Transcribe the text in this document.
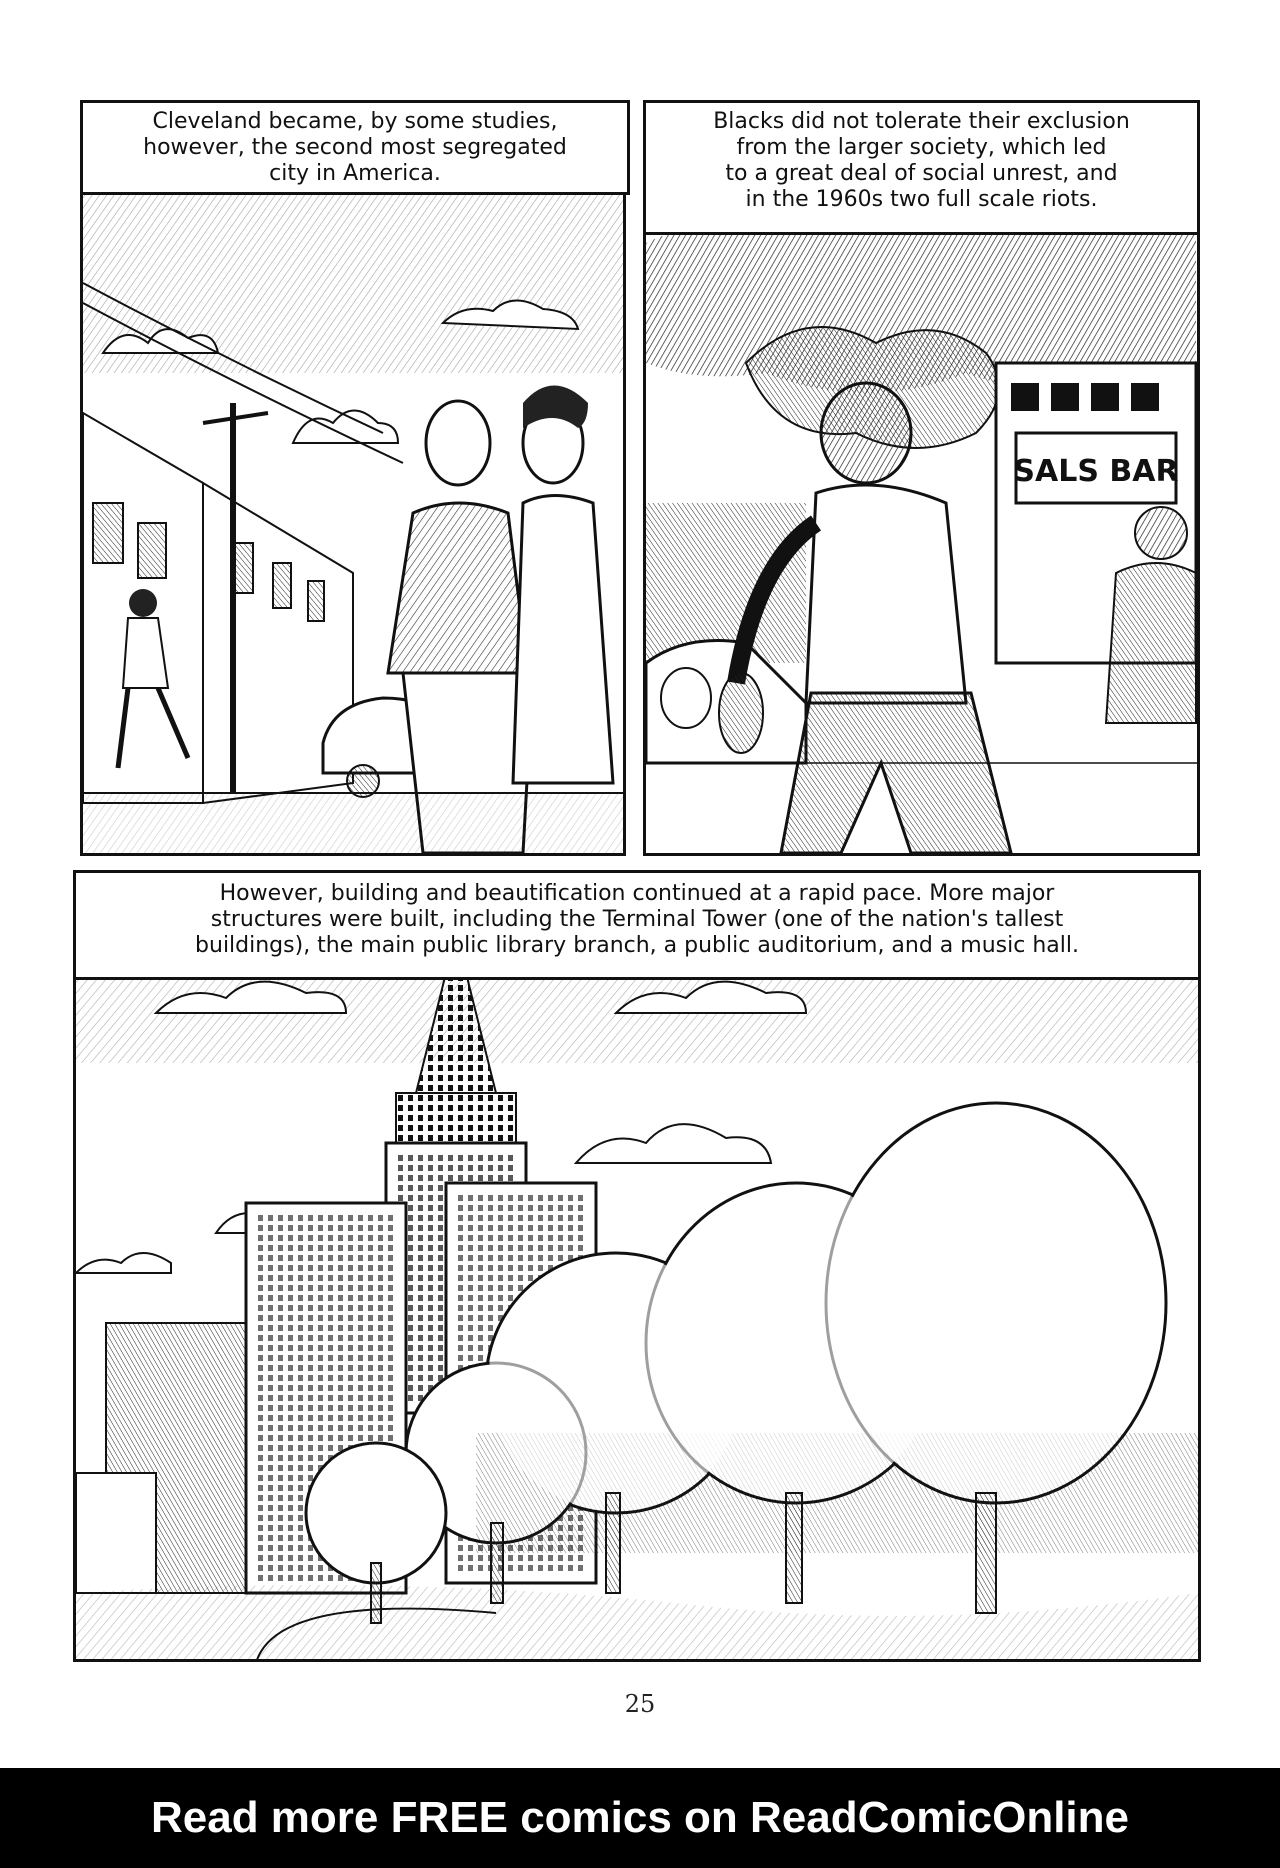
Cleveland became, by some studies,
however, the second most segregated
city in America.
SALS BAR
Blacks did not tolerate their exclusion
from the larger society, which led
to a great deal of social unrest, and
in the 1960s two full scale riots.
However, building and beautification continued at a rapid pace. More major
structures were built, including the Terminal Tower (one of the nation's tallest
buildings), the main public library branch, a public auditorium, and a music hall.
25
Read more FREE comics on ReadComicOnline
